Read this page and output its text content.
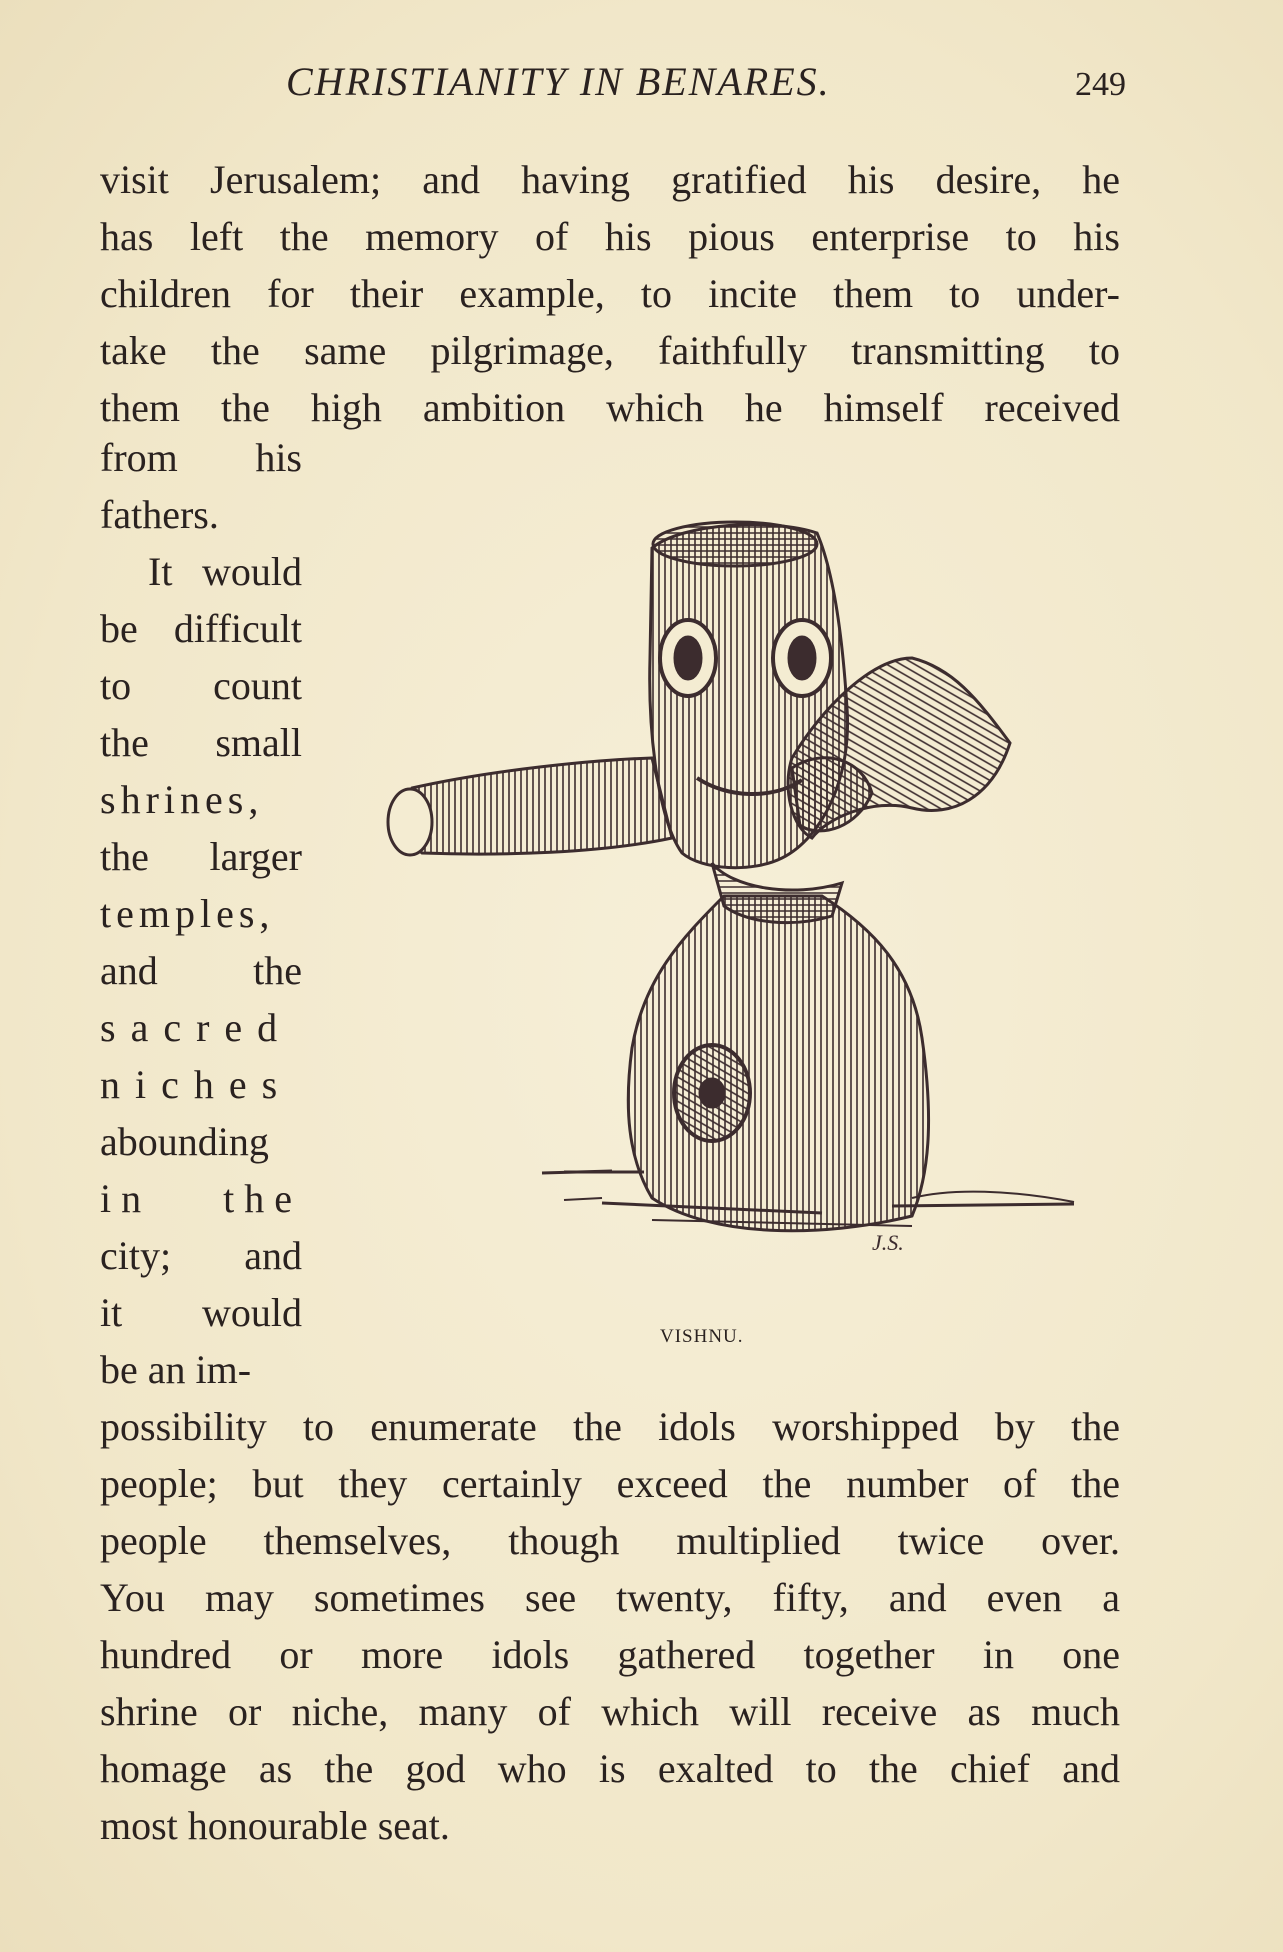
CHRISTIANITY IN BENARES.	249
visit Jerusalem; and having gratified his desire, he
has left the memory of his pious enterprise to his
children for their example, to incite them to under-
take the same pilgrimage, faithfully transmitting to
them the high ambition which he himself received
from his
fathers.
It would
be difficult
to count
the small
shrines,
the larger
temples,
and the
sacred
niches
abounding
in the
city; and
it would
be an im-
J.S.
VISHNU.
possibility to enumerate the idols worshipped by the
people; but they certainly exceed the number of the
people themselves, though multiplied twice over.
You may sometimes see twenty, fifty, and even a
hundred or more idols gathered together in one
shrine or niche, many of which will receive as much
homage as the god who is exalted to the chief and
most honourable seat.
